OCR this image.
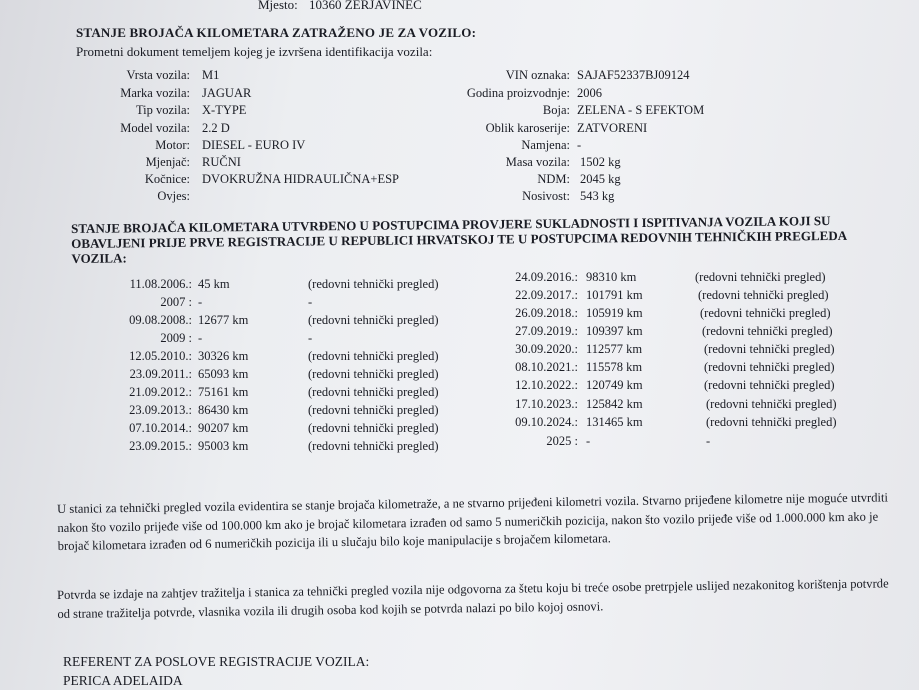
Mjesto: 10360 ZERJAVINEC
STANJE BROJAČA KILOMETARA ZATRAŽENO JE ZA VOZILO:
Prometni dokument temeljem kojeg je izvršena identifikacija vozila:
Vrsta vozila: M1
Marka vozila: JAGUAR
Tip vozila: X-TYPE
Model vozila: 2.2 D
Motor: DIESEL - EURO IV
Mjenjač: RUČNI
Kočnice: DVOKRUŽNA HIDRAULIČNA+ESP
Ovjes:
VIN oznaka: SAJAF52337BJ09124
Godina proizvodnje: 2006
Boja: ZELENA - S EFEKTOM
Oblik karoserije: ZATVORENI
Namjena: -
Masa vozila: 1502 kg
NDM: 2045 kg
Nosivost: 543 kg
STANJE BROJAČA KILOMETARA UTVRĐENO U POSTUPCIMA PROVJERE SUKLADNOSTI I ISPITIVANJA VOZILA KOJI SU OBAVLJENI PRIJE PRVE REGISTRACIJE U REPUBLICI HRVATSKOJ TE U POSTUPCIMA REDOVNIH TEHNIČKIH PREGLEDA VOZILA:
11.08.2006.: 45 km	(redovni tehnički pregled)
2007 : -	-
09.08.2008.: 12677 km	(redovni tehnički pregled)
2009 : -	-
12.05.2010.: 30326 km	(redovni tehnički pregled)
23.09.2011.: 65093 km	(redovni tehnički pregled)
21.09.2012.: 75161 km	(redovni tehnički pregled)
23.09.2013.: 86430 km	(redovni tehnički pregled)
07.10.2014.: 90207 km	(redovni tehnički pregled)
23.09.2015.: 95003 km	(redovni tehnički pregled)
24.09.2016.: 98310 km	(redovni tehnički pregled)
22.09.2017.: 101791 km	(redovni tehnički pregled)
26.09.2018.: 105919 km	(redovni tehnički pregled)
27.09.2019.: 109397 km	(redovni tehnički pregled)
30.09.2020.: 112577 km	(redovni tehnički pregled)
08.10.2021.: 115578 km	(redovni tehnički pregled)
12.10.2022.: 120749 km	(redovni tehnički pregled)
17.10.2023.: 125842 km	(redovni tehnički pregled)
09.10.2024.: 131465 km	(redovni tehnički pregled)
2025 : -	-
U stanici za tehnički pregled vozila evidentira se stanje brojača kilometraže, a ne stvarno prijeđeni kilometri vozila. Stvarno prijeđene kilometre nije moguće utvrditi nakon što vozilo prijeđe više od 100.000 km ako je brojač kilometara izrađen od samo 5 numeričkih pozicija, nakon što vozilo prijeđe više od 1.000.000 km ako je brojač kilometara izrađen od 6 numeričkih pozicija ili u slučaju bilo koje manipulacije s brojačem kilometara.
Potvrda se izdaje na zahtjev tražitelja i stanica za tehnički pregled vozila nije odgovorna za štetu koju bi treće osobe pretrpjele uslijed nezakonitog korištenja potvrde od strane tražitelja potvrde, vlasnika vozila ili drugih osoba kod kojih se potvrda nalazi po bilo kojoj osnovi.
REFERENT ZA POSLOVE REGISTRACIJE VOZILA:
PERICA ADELAIDA
